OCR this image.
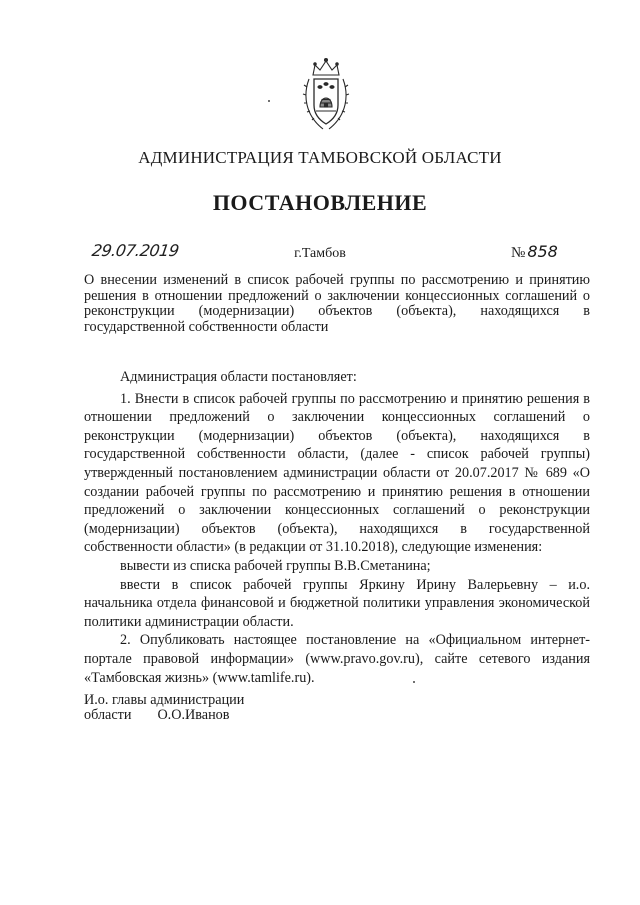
АДМИНИСТРАЦИЯ ТАМБОВСКОЙ ОБЛАСТИ
ПОСТАНОВЛЕНИЕ
29.07.2019	г.Тамбов	№ 858
О внесении изменений в список рабочей группы по рассмотрению и принятию решения в отношении предложений о заключении концессионных соглашений о реконструкции (модернизации) объектов (объекта), находящихся в государственной собственности области

Администрация области постановляет:

1. Внести в список рабочей группы по рассмотрению и принятию решения в отношении предложений о заключении концессионных соглашений о реконструкции (модернизации) объектов (объекта), находящихся в государственной собственности области, (далее - список рабочей группы) утвержденный постановлением администрации области от 20.07.2017 № 689 «О создании рабочей группы по рассмотрению и принятию решения в отношении предложений о заключении концессионных соглашений о реконструкции (модернизации) объектов (объекта), находящихся в государственной собственности области» (в редакции от 31.10.2018), следующие изменения:

вывести из списка рабочей группы В.В.Сметанина;

ввести в список рабочей группы Яркину Ирину Валерьевну – и.о. начальника отдела финансовой и бюджетной политики управления экономической политики администрации области.

2. Опубликовать настоящее постановление на «Официальном интернет-портале правовой информации» (www.pravo.gov.ru), сайте сетевого издания «Тамбовская жизнь» (www.tamlife.ru).

И.о. главы администрации
области О.О.Иванов
